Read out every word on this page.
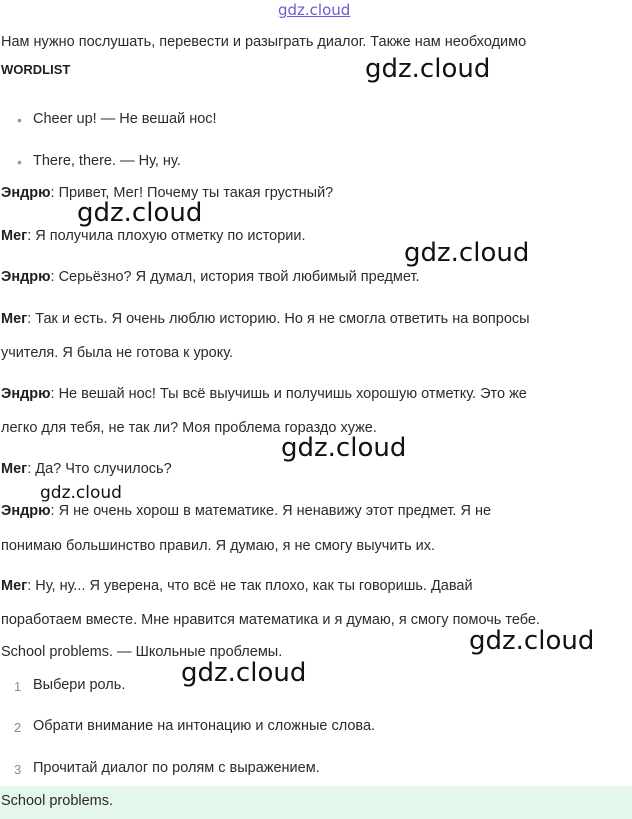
gdz.cloud
gdz.cloud
gdz.cloud
gdz.cloud
gdz.cloud
gdz.cloud
gdz.cloud
gdz.cloud
Нам нужно послушать, перевести и разыграть диалог. Также нам необходимо
WORDLIST
• Cheer up! — Не вешай нос!
• There, there. — Ну, ну.
Эндрю: Привет, Мег! Почему ты такая грустный?
Мег: Я получила плохую отметку по истории.
Эндрю: Серьёзно? Я думал, история твой любимый предмет.
Мег: Так и есть. Я очень люблю историю. Но я не смогла ответить на вопросы
учителя. Я была не готова к уроку.
Эндрю: Не вешай нос! Ты всё выучишь и получишь хорошую отметку. Это же
легко для тебя, не так ли? Моя проблема гораздо хуже.
Мег: Да? Что случилось?
Эндрю: Я не очень хорош в математике. Я ненавижу этот предмет. Я не
понимаю большинство правил. Я думаю, я не смогу выучить их.
Мег: Ну, ну... Я уверена, что всё не так плохо, как ты говоришь. Давай
поработаем вместе. Мне нравится математика и я думаю, я смогу помочь тебе.
School problems. — Школьные проблемы.
1 Выбери роль.
2 Обрати внимание на интонацию и сложные слова.
3 Прочитай диалог по ролям с выражением.
School problems.
